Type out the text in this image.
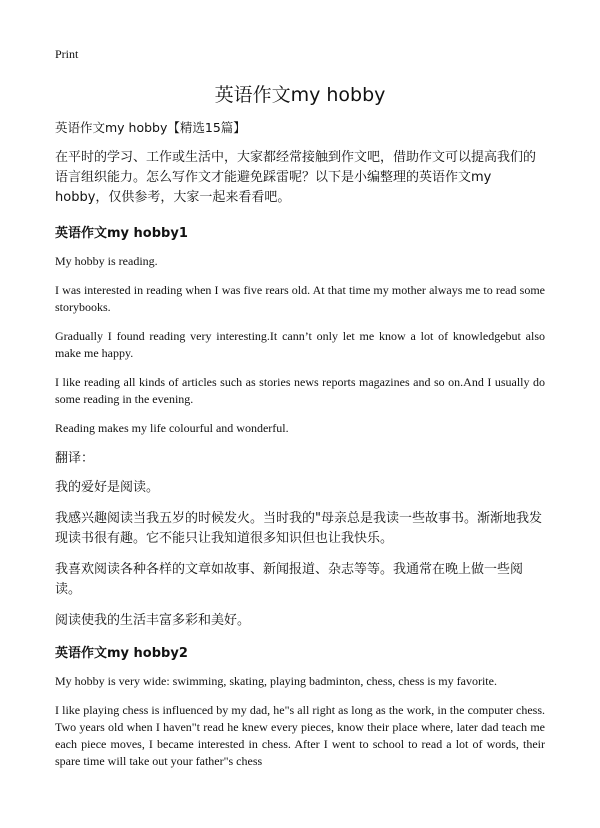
Print
英语作文my hobby

英语作文my hobby【精选15篇】

在平时的学习、工作或生活中，大家都经常接触到作文吧，借助作文可以提高我们的语言组织能力。怎么写作文才能避免踩雷呢？以下是小编整理的英语作文my hobby，仅供参考，大家一起来看看吧。

英语作文my hobby1

My hobby is reading.

I was interested in reading when I was five rears old. At that time my mother always me to read some storybooks.

Gradually I found reading very interesting.It cann’t only let me know a lot of knowledgebut also make me happy.

I like reading all kinds of articles such as stories news reports magazines and so on.And I usually do some reading in the evening.

Reading makes my life colourful and wonderful.

翻译：

我的爱好是阅读。

我感兴趣阅读当我五岁的时候发火。当时我的"母亲总是我读一些故事书。渐渐地我发现读书很有趣。它不能只让我知道很多知识但也让我快乐。

我喜欢阅读各种各样的文章如故事、新闻报道、杂志等等。我通常在晚上做一些阅读。

阅读使我的生活丰富多彩和美好。

英语作文my hobby2

My hobby is very wide: swimming, skating, playing badminton, chess, chess is my favorite.

I like playing chess is influenced by my dad, he"s all right as long as the work, in the computer chess. Two years old when I haven"t read he knew every pieces, know their place where, later dad teach me each piece moves, I became interested in chess. After I went to school to read a lot of words, their spare time will take out your father"s chess
